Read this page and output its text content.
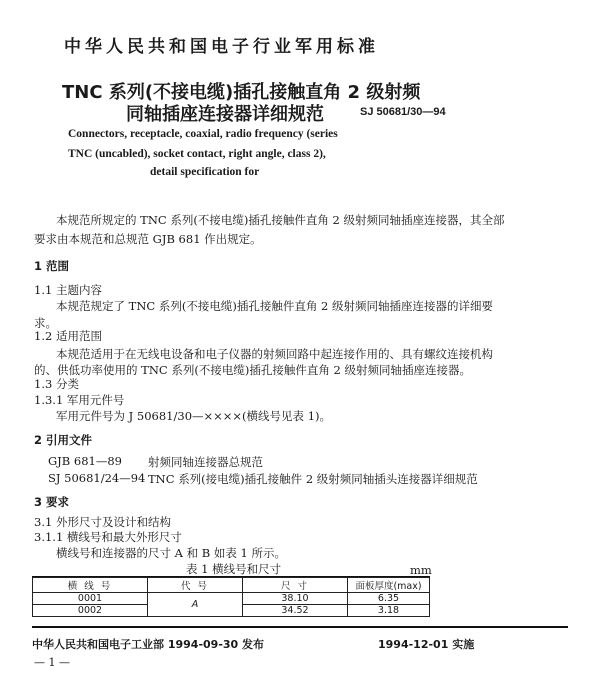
中华人民共和国电子行业军用标准
TNC 系列(不接电缆)插孔接触直角 2 级射频
同轴插座连接器详细规范	SJ 50681/30—94
Connectors, receptacle, coaxial, radio frequency (series
TNC (uncabled), socket contact, right angle, class 2),
detail specification for
本规范所规定的 TNC 系列(不接电缆)插孔接触件直角 2 级射频同轴插座连接器，其全部
要求由本规范和总规范 GJB 681 作出规定。
1 范围
1.1 主题内容
本规范规定了 TNC 系列(不接电缆)插孔接触件直角 2 级射频同轴插座连接器的详细要
求。
1.2 适用范围
本规范适用于在无线电设备和电子仪器的射频回路中起连接作用的、具有螺纹连接机构
的、供低功率使用的 TNC 系列(不接电缆)插孔接触件直角 2 级射频同轴插座连接器。
1.3 分类
1.3.1 军用元件号
军用元件号为 J 50681/30—××××(横线号见表 1)。
2 引用文件
GJB 681—89 射频同轴连接器总规范
SJ 50681/24—94 TNC 系列(接电缆)插孔接触件 2 级射频同轴插头连接器详细规范
3 要求
3.1 外形尺寸及设计和结构
3.1.1 横线号和最大外形尺寸
横线号和连接器的尺寸 A 和 B 如表 1 所示。
表 1 横线号和尺寸	mm
横 线 号	代 号	尺 寸	面板厚度(max)
0001	A	38.10	6.35
0002		34.52	3.18
中华人民共和国电子工业部 1994-09-30 发布	1994-12-01 实施
— 1 —
